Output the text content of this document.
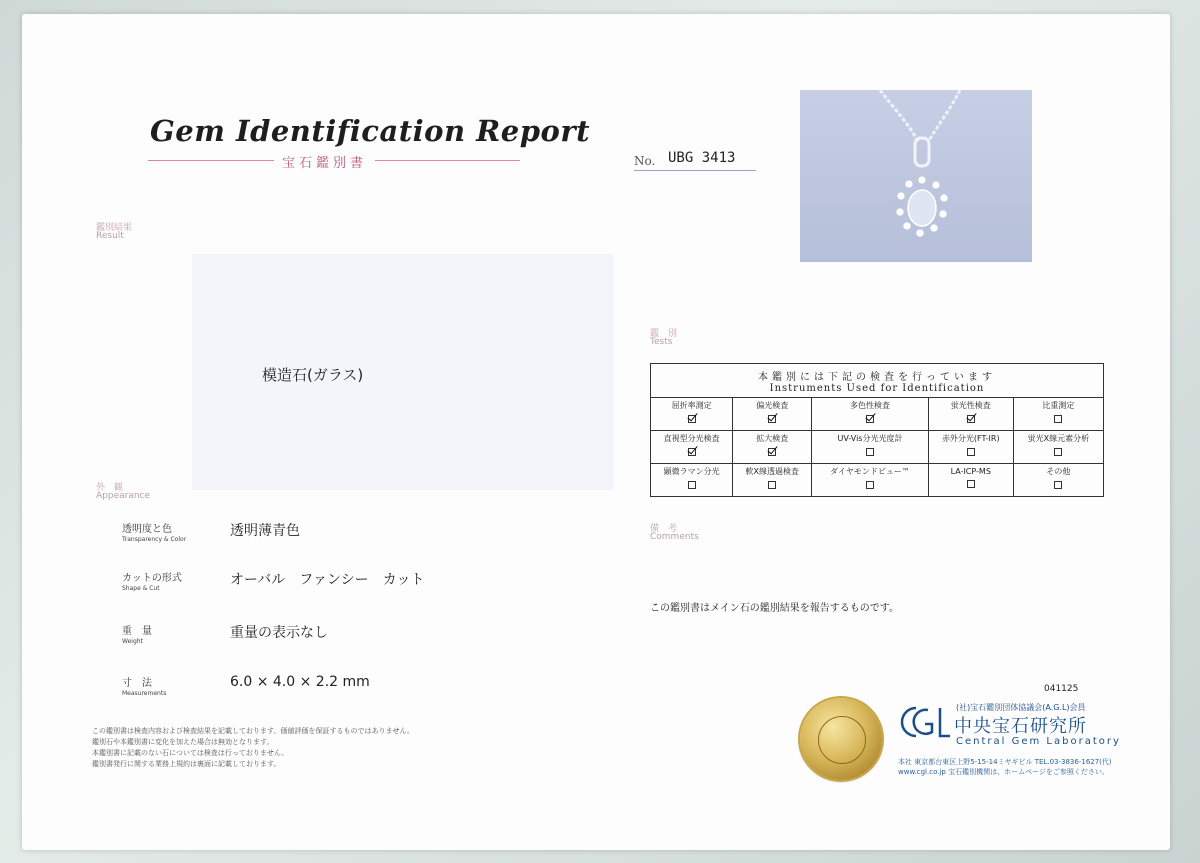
Gem Identification Report
宝石鑑別書	No. UBG 3413
鑑別結果
Result
模造石(ガラス)
外　観
Appearance
透明度と色
Transparency & Color
透明薄青色
カットの形式
Shape & Cut
オーバル　ファンシー　カット
重　量
Weight
重量の表示なし
寸　法
Measurements
6.0 × 4.0 × 2.2 mm
この鑑別書は検査内容および検査結果を記載しております、価値評価を保証するものではありません。
鑑別石や本鑑別書に変化を加えた場合は無効となります。
本鑑別書に記載のない石については検査は行っておりません。
鑑別書発行に関する業務上規約は裏面に記載しております。
鑑　別
Tests
本鑑別には下記の検査を行っています
Instruments Used for Identification				

屈折率測定	偏光検査	多色性検査	蛍光性検査	比重測定

直視型分光検査	拡大検査	UV-Vis分光光度計	赤外分光(FT-IR)	蛍光X線元素分析

顕微ラマン分光	軟X線透過検査	ダイヤモンドビュー™	LA-ICP-MS	その他
備　考
Comments
この鑑別書はメイン石の鑑別結果を報告するものです。
041125
(社)宝石鑑別団体協議会(A.G.L)会員
中央宝石研究所
Central Gem Laboratory
本社 東京都台東区上野5-15-14ミヤギビル TEL.03-3836-1627(代)
www.cgl.co.jp 宝石鑑別機関は、ホームページをご参照ください。
